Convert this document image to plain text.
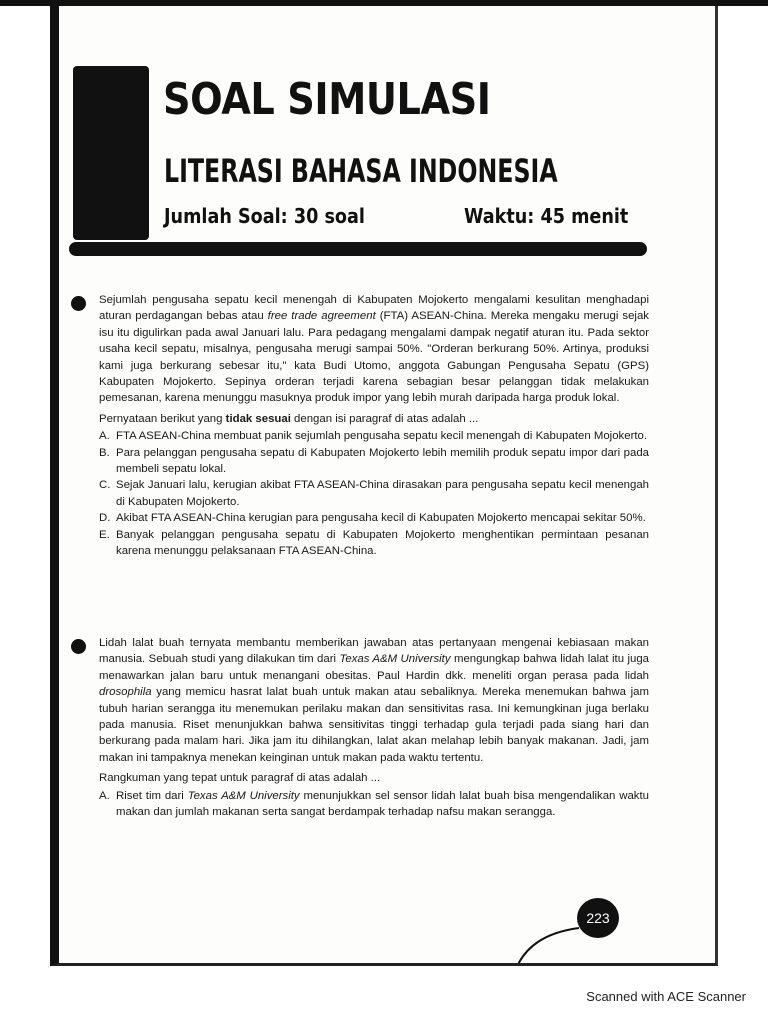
SOAL SIMULASI
LITERASI BAHASA INDONESIA
Jumlah Soal: 30 soal	Waktu: 45 menit

Sejumlah pengusaha sepatu kecil menengah di Kabupaten Mojokerto mengalami kesulitan menghadapi aturan perdagangan bebas atau free trade agreement (FTA) ASEAN-China. Mereka mengaku merugi sejak isu itu digulirkan pada awal Januari lalu. Para pedagang mengalami dampak negatif aturan itu. Pada sektor usaha kecil sepatu, misalnya, pengusaha merugi sampai 50%. "Orderan berkurang 50%. Artinya, produksi kami juga berkurang sebesar itu," kata Budi Utomo, anggota Gabungan Pengusaha Sepatu (GPS) Kabupaten Mojokerto. Sepinya orderan terjadi karena sebagian besar pelanggan tidak melakukan pemesanan, karena menunggu masuknya produk impor yang lebih murah daripada harga produk lokal.

Pernyataan berikut yang tidak sesuai dengan isi paragraf di atas adalah ...

A. FTA ASEAN-China membuat panik sejumlah pengusaha sepatu kecil menengah di Kabupaten Mojokerto.
B. Para pelanggan pengusaha sepatu di Kabupaten Mojokerto lebih memilih produk sepatu impor dari pada membeli sepatu lokal.
C. Sejak Januari lalu, kerugian akibat FTA ASEAN-China dirasakan para pengusaha sepatu kecil menengah di Kabupaten Mojokerto.
D. Akibat FTA ASEAN-China kerugian para pengusaha kecil di Kabupaten Mojokerto mencapai sekitar 50%.
E. Banyak pelanggan pengusaha sepatu di Kabupaten Mojokerto menghentikan permintaan pesanan karena menunggu pelaksanaan FTA ASEAN-China.

Lidah lalat buah ternyata membantu memberikan jawaban atas pertanyaan mengenai kebiasaan makan manusia. Sebuah studi yang dilakukan tim dari Texas A&M University mengungkap bahwa lidah lalat itu juga menawarkan jalan baru untuk menangani obesitas. Paul Hardin dkk. meneliti organ perasa pada lidah drosophila yang memicu hasrat lalat buah untuk makan atau sebaliknya. Mereka menemukan bahwa jam tubuh harian serangga itu menemukan perilaku makan dan sensitivitas rasa. Ini kemungkinan juga berlaku pada manusia. Riset menunjukkan bahwa sensitivitas tinggi terhadap gula terjadi pada siang hari dan berkurang pada malam hari. Jika jam itu dihilangkan, lalat akan melahap lebih banyak makanan. Jadi, jam makan ini tampaknya menekan keinginan untuk makan pada waktu tertentu.

Rangkuman yang tepat untuk paragraf di atas adalah ...

A. Riset tim dari Texas A&M University menunjukkan sel sensor lidah lalat buah bisa mengendalikan waktu makan dan jumlah makanan serta sangat berdampak terhadap nafsu makan serangga.
223
Scanned with ACE Scanner
